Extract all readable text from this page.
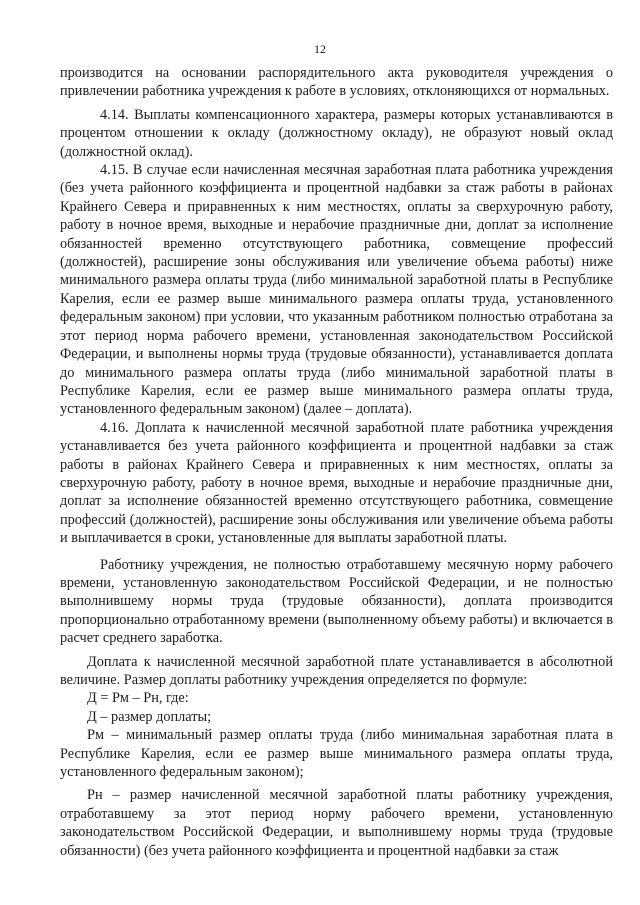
12

производится на основании распорядительного акта руководителя учреждения о привлечении работника учреждения к работе в условиях, отклоняющихся от нормальных.

4.14. Выплаты компенсационного характера, размеры которых устанавливаются в процентом отношении к окладу (должностному окладу), не образуют новый оклад (должностной оклад).

4.15. В случае если начисленная месячная заработная плата работника учреждения (без учета районного коэффициента и процентной надбавки за стаж работы в районах Крайнего Севера и приравненных к ним местностях, оплаты за сверхурочную работу, работу в ночное время, выходные и нерабочие праздничные дни, доплат за исполнение обязанностей временно отсутствующего работника, совмещение профессий (должностей), расширение зоны обслуживания или увеличение объема работы) ниже минимального размера оплаты труда (либо минимальной заработной платы в Республике Карелия, если ее размер выше минимального размера оплаты труда, установленного федеральным законом) при условии, что указанным работником полностью отработана за этот период норма рабочего времени, установленная законодательством Российской Федерации, и выполнены нормы труда (трудовые обязанности), устанавливается доплата до минимального размера оплаты труда (либо минимальной заработной платы в Республике Карелия, если ее размер выше минимального размера оплаты труда, установленного федеральным законом) (далее – доплата).

4.16. Доплата к начисленной месячной заработной плате работника учреждения устанавливается без учета районного коэффициента и процентной надбавки за стаж работы в районах Крайнего Севера и приравненных к ним местностях, оплаты за сверхурочную работу, работу в ночное время, выходные и нерабочие праздничные дни, доплат за исполнение обязанностей временно отсутствующего работника, совмещение профессий (должностей), расширение зоны обслуживания или увеличение объема работы и выплачивается в сроки, установленные для выплаты заработной платы.

Работнику учреждения, не полностью отработавшему месячную норму рабочего времени, установленную законодательством Российской Федерации, и не полностью выполнившему нормы труда (трудовые обязанности), доплата производится пропорционально отработанному времени (выполненному объему работы) и включается в расчет среднего заработка.

Доплата к начисленной месячной заработной плате устанавливается в абсолютной величине. Размер доплаты работнику учреждения определяется по формуле:

Д = Рм – Рн, где:

Д – размер доплаты;

Рм – минимальный размер оплаты труда (либо минимальная заработная плата в Республике Карелия, если ее размер выше минимального размера оплаты труда, установленного федеральным законом);

Рн – размер начисленной месячной заработной платы работнику учреждения, отработавшему за этот период норму рабочего времени, установленную законодательством Российской Федерации, и выполнившему нормы труда (трудовые обязанности) (без учета районного коэффициента и процентной надбавки за стаж
